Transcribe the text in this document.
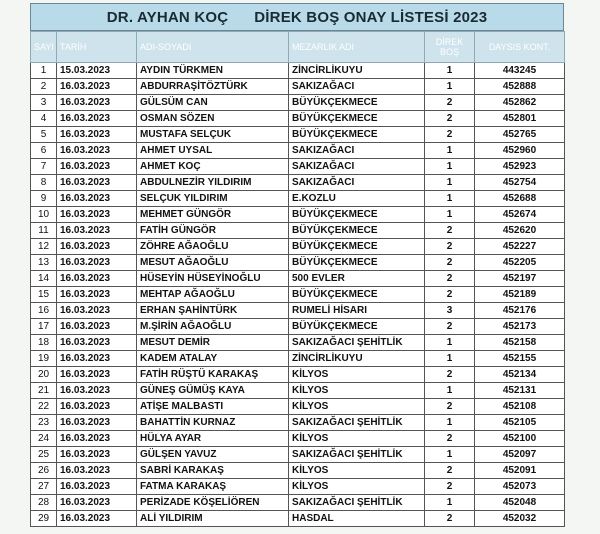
DR. AYHAN KOÇ DİREK BOŞ ONAY LİSTESİ 2023
SAYI	TARİH	ADI-SOYADI	MEZARLIK ADI	DİREK BOŞ	DAYSIS KONT.
1	15.03.2023	AYDIN TÜRKMEN	ZİNCİRLİKUYU	1	443245
2	16.03.2023	ABDURRAŞİTÖZTÜRK	SAKIZAĞACI	1	452888
3	16.03.2023	GÜLSÜM CAN	BÜYÜKÇEKMECE	2	452862
4	16.03.2023	OSMAN SÖZEN	BÜYÜKÇEKMECE	2	452801
5	16.03.2023	MUSTAFA SELÇUK	BÜYÜKÇEKMECE	2	452765
6	16.03.2023	AHMET UYSAL	SAKIZAĞACI	1	452960
7	16.03.2023	AHMET KOÇ	SAKIZAĞACI	1	452923
8	16.03.2023	ABDULNEZİR YILDIRIM	SAKIZAĞACI	1	452754
9	16.03.2023	SELÇUK YILDIRIM	E.KOZLU	1	452688
10	16.03.2023	MEHMET GÜNGÖR	BÜYÜKÇEKMECE	1	452674
11	16.03.2023	FATİH GÜNGÖR	BÜYÜKÇEKMECE	2	452620
12	16.03.2023	ZÖHRE AĞAOĞLU	BÜYÜKÇEKMECE	2	452227
13	16.03.2023	MESUT AĞAOĞLU	BÜYÜKÇEKMECE	2	452205
14	16.03.2023	HÜSEYİN HÜSEYİNOĞLU	500 EVLER	2	452197
15	16.03.2023	MEHTAP AĞAOĞLU	BÜYÜKÇEKMECE	2	452189
16	16.03.2023	ERHAN ŞAHİNTÜRK	RUMELİ HİSARI	3	452176
17	16.03.2023	M.ŞİRİN AĞAOĞLU	BÜYÜKÇEKMECE	2	452173
18	16.03.2023	MESUT DEMİR	SAKIZAĞACI ŞEHİTLİK	1	452158
19	16.03.2023	KADEM ATALAY	ZİNCİRLİKUYU	1	452155
20	16.03.2023	FATİH RÜŞTÜ KARAKAŞ	KİLYOS	2	452134
21	16.03.2023	GÜNEŞ GÜMÜŞ KAYA	KİLYOS	1	452131
22	16.03.2023	ATİŞE MALBASTI	KİLYOS	2	452108
23	16.03.2023	BAHATTİN KURNAZ	SAKIZAĞACI ŞEHİTLİK	1	452105
24	16.03.2023	HÜLYA AYAR	KİLYOS	2	452100
25	16.03.2023	GÜLŞEN YAVUZ	SAKIZAĞACI ŞEHİTLİK	1	452097
26	16.03.2023	SABRİ KARAKAŞ	KİLYOS	2	452091
27	16.03.2023	FATMA KARAKAŞ	KİLYOS	2	452073
28	16.03.2023	PERİZADE KÖŞELİÖREN	SAKIZAĞACI ŞEHİTLİK	1	452048
29	16.03.2023	ALİ YILDIRIM	HASDAL	2	452032
